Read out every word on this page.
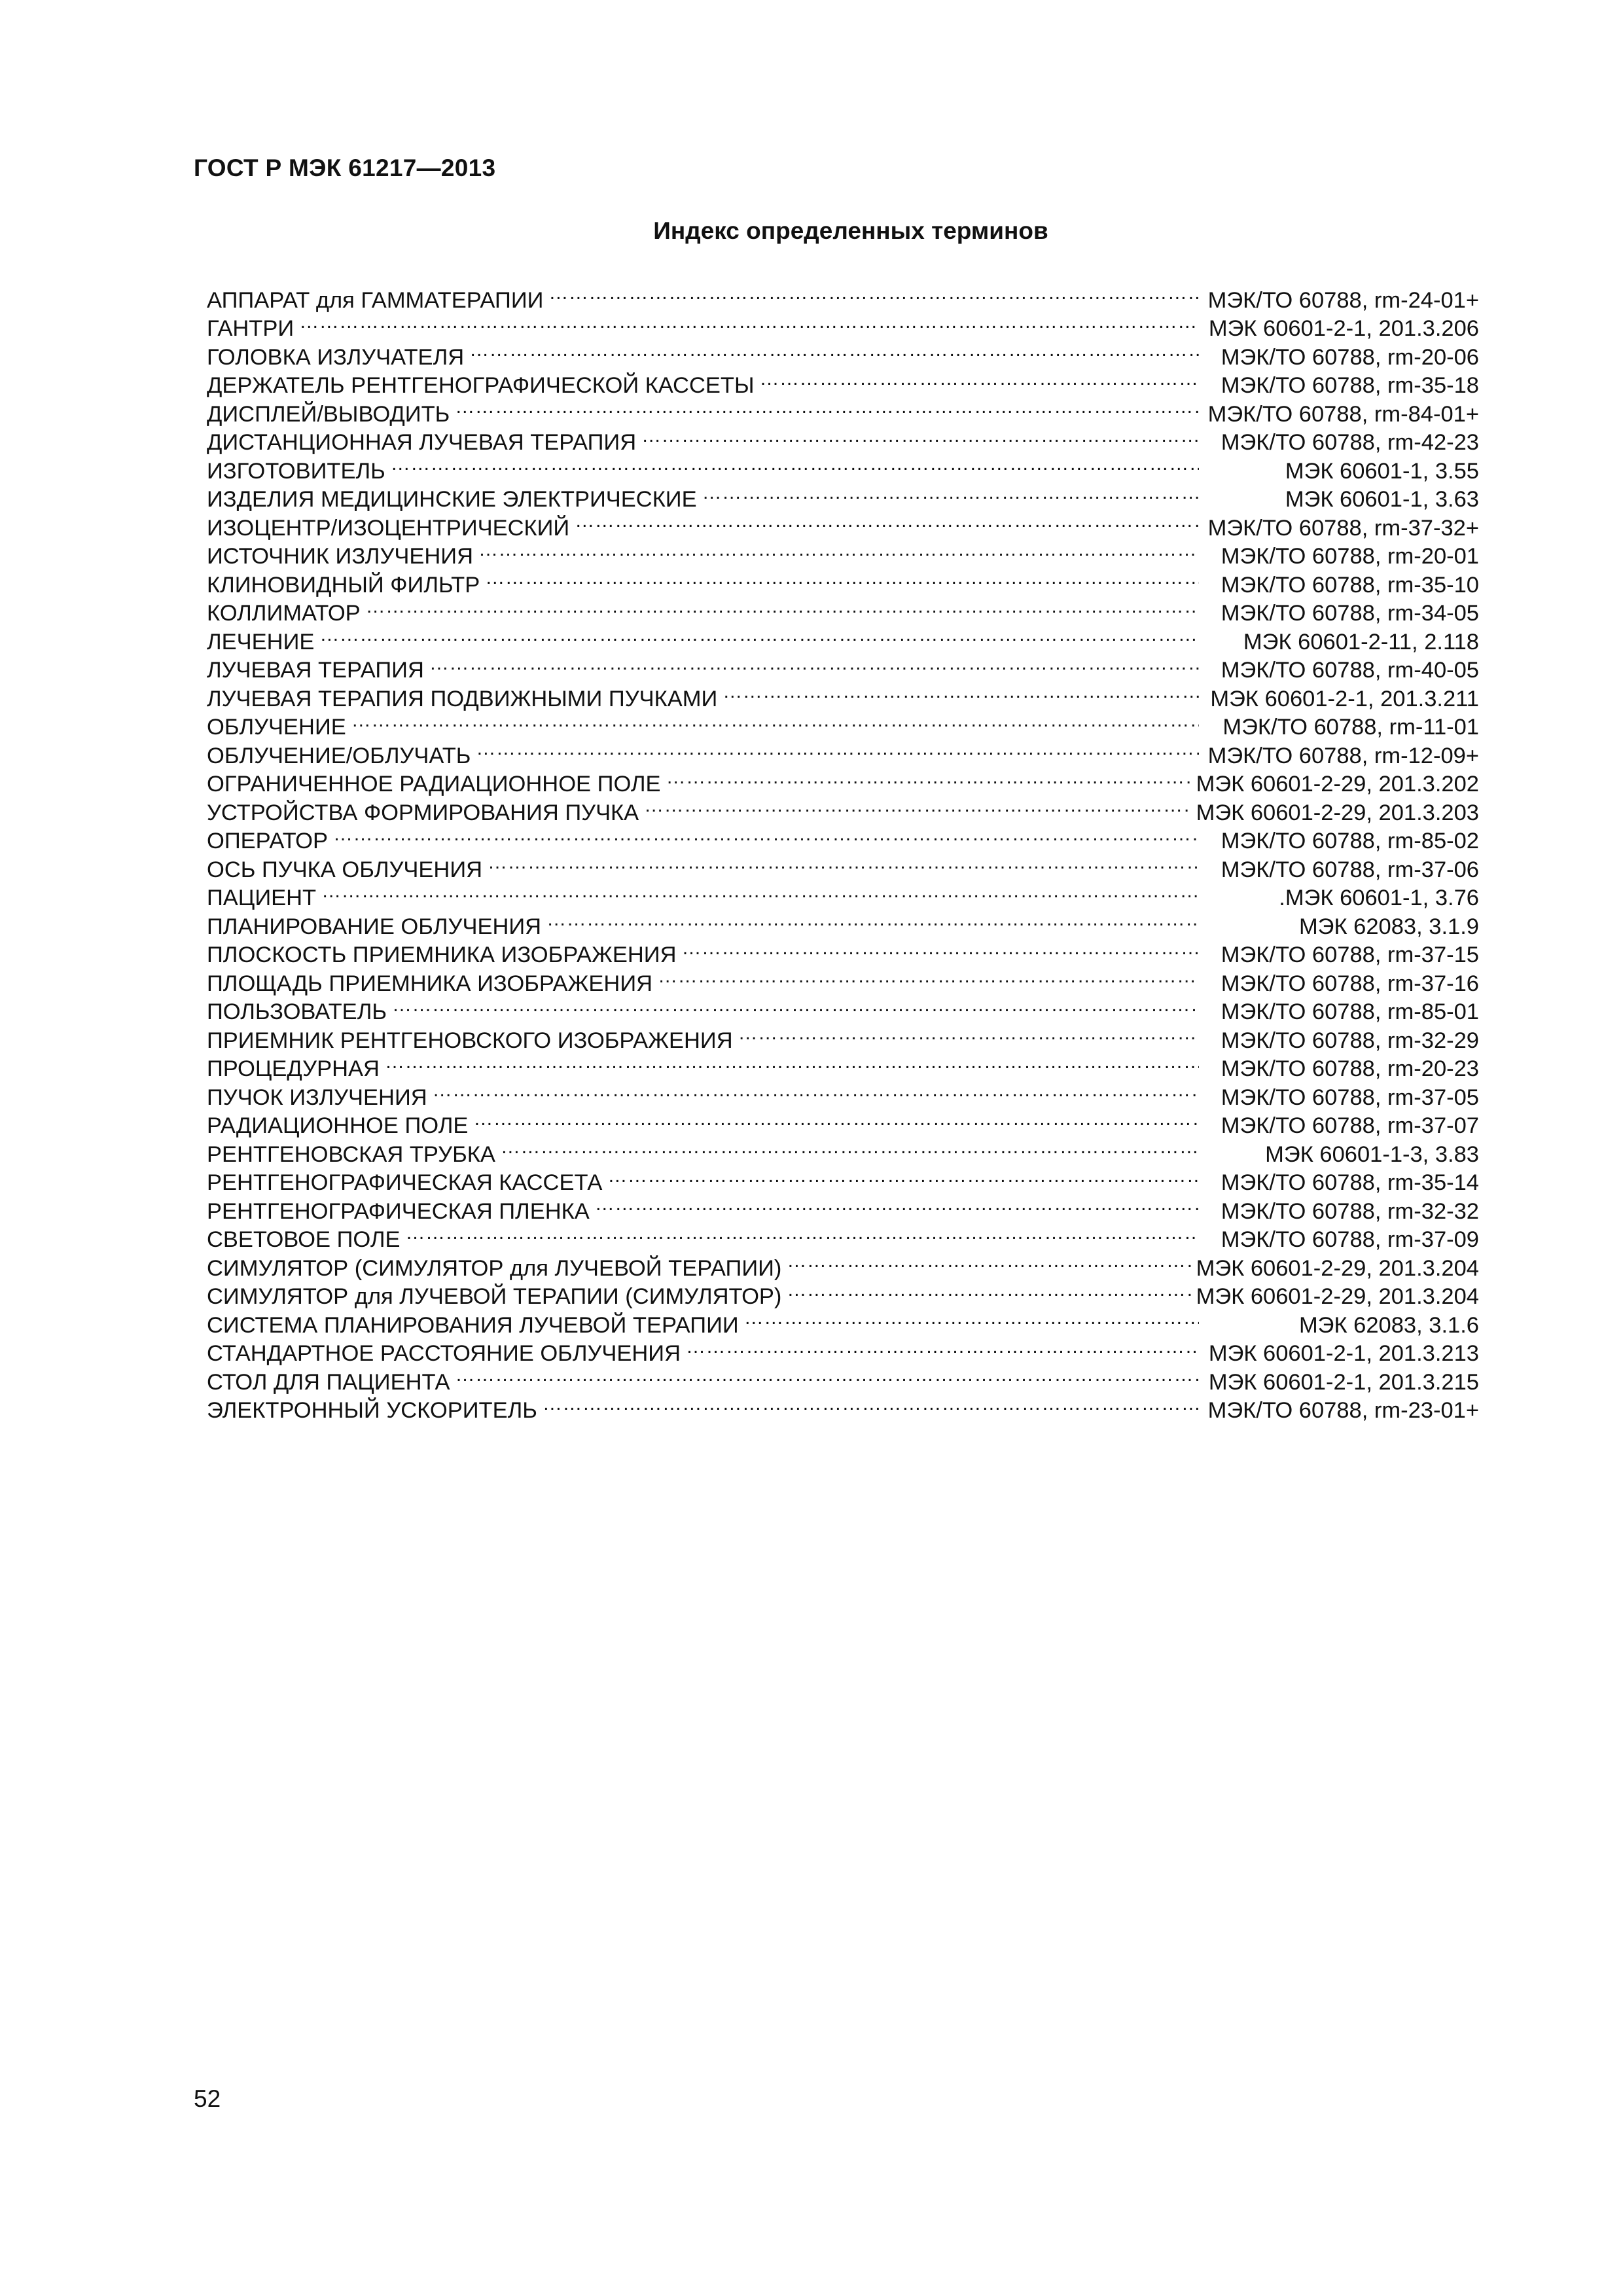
ГОСТ Р МЭК 61217—2013
Индекс определенных терминов
АППАРАТ для ГАММАТЕРАПИИ …………………………………………………………………………………………………………………………………………………………………………………………………………………………………………………………………………………………………………………	МЭК/ТО 60788, rm-24-01+
ГАНТРИ …………………………………………………………………………………………………………………………………………………………………………………………………………………………………………………………………………………………………………………	МЭК 60601-2-1, 201.3.206
ГОЛОВКА ИЗЛУЧАТЕЛЯ …………………………………………………………………………………………………………………………………………………………………………………………………………………………………………………………………………………………………………………	МЭК/ТО 60788, rm-20-06
ДЕРЖАТЕЛЬ РЕНТГЕНОГРАФИЧЕСКОЙ КАССЕТЫ …………………………………………………………………………………………………………………………………………………………………………………………………………………………………………………………………………………………………………………	МЭК/ТО 60788, rm-35-18
ДИСПЛЕЙ/ВЫВОДИТЬ …………………………………………………………………………………………………………………………………………………………………………………………………………………………………………………………………………………………………………………	МЭК/ТО 60788, rm-84-01+
ДИСТАНЦИОННАЯ ЛУЧЕВАЯ ТЕРАПИЯ …………………………………………………………………………………………………………………………………………………………………………………………………………………………………………………………………………………………………………………	МЭК/ТО 60788, rm-42-23
ИЗГОТОВИТЕЛЬ …………………………………………………………………………………………………………………………………………………………………………………………………………………………………………………………………………………………………………………	МЭК 60601-1, 3.55
ИЗДЕЛИЯ МЕДИЦИНСКИЕ ЭЛЕКТРИЧЕСКИЕ …………………………………………………………………………………………………………………………………………………………………………………………………………………………………………………………………………………………………………………	МЭК 60601-1, 3.63
ИЗОЦЕНТР/ИЗОЦЕНТРИЧЕСКИЙ …………………………………………………………………………………………………………………………………………………………………………………………………………………………………………………………………………………………………………………	МЭК/ТО 60788, rm-37-32+
ИСТОЧНИК ИЗЛУЧЕНИЯ …………………………………………………………………………………………………………………………………………………………………………………………………………………………………………………………………………………………………………………	МЭК/ТО 60788, rm-20-01
КЛИНОВИДНЫЙ ФИЛЬТР …………………………………………………………………………………………………………………………………………………………………………………………………………………………………………………………………………………………………………………	МЭК/ТО 60788, rm-35-10
КОЛЛИМАТОР …………………………………………………………………………………………………………………………………………………………………………………………………………………………………………………………………………………………………………………	МЭК/ТО 60788, rm-34-05
ЛЕЧЕНИЕ …………………………………………………………………………………………………………………………………………………………………………………………………………………………………………………………………………………………………………………	МЭК 60601-2-11, 2.118
ЛУЧЕВАЯ ТЕРАПИЯ …………………………………………………………………………………………………………………………………………………………………………………………………………………………………………………………………………………………………………………	МЭК/ТО 60788, rm-40-05
ЛУЧЕВАЯ ТЕРАПИЯ ПОДВИЖНЫМИ ПУЧКАМИ …………………………………………………………………………………………………………………………………………………………………………………………………………………………………………………………………………………………………………………	МЭК 60601-2-1, 201.3.211
ОБЛУЧЕНИЕ …………………………………………………………………………………………………………………………………………………………………………………………………………………………………………………………………………………………………………………	МЭК/ТО 60788, rm-11-01
ОБЛУЧЕНИЕ/ОБЛУЧАТЬ …………………………………………………………………………………………………………………………………………………………………………………………………………………………………………………………………………………………………………………	МЭК/ТО 60788, rm-12-09+
ОГРАНИЧЕННОЕ РАДИАЦИОННОЕ ПОЛЕ …………………………………………………………………………………………………………………………………………………………………………………………………………………………………………………………………………………………………………………	МЭК 60601-2-29, 201.3.202
УСТРОЙСТВА ФОРМИРОВАНИЯ ПУЧКА …………………………………………………………………………………………………………………………………………………………………………………………………………………………………………………………………………………………………………………	МЭК 60601-2-29, 201.3.203
ОПЕРАТОР …………………………………………………………………………………………………………………………………………………………………………………………………………………………………………………………………………………………………………………	МЭК/ТО 60788, rm-85-02
ОСЬ ПУЧКА ОБЛУЧЕНИЯ …………………………………………………………………………………………………………………………………………………………………………………………………………………………………………………………………………………………………………………	МЭК/ТО 60788, rm-37-06
ПАЦИЕНТ …………………………………………………………………………………………………………………………………………………………………………………………………………………………………………………………………………………………………………………	.МЭК 60601-1, 3.76
ПЛАНИРОВАНИЕ ОБЛУЧЕНИЯ …………………………………………………………………………………………………………………………………………………………………………………………………………………………………………………………………………………………………………………	МЭК 62083, 3.1.9
ПЛОСКОСТЬ ПРИЕМНИКА ИЗОБРАЖЕНИЯ …………………………………………………………………………………………………………………………………………………………………………………………………………………………………………………………………………………………………………………	МЭК/ТО 60788, rm-37-15
ПЛОЩАДЬ ПРИЕМНИКА ИЗОБРАЖЕНИЯ …………………………………………………………………………………………………………………………………………………………………………………………………………………………………………………………………………………………………………………	МЭК/ТО 60788, rm-37-16
ПОЛЬЗОВАТЕЛЬ …………………………………………………………………………………………………………………………………………………………………………………………………………………………………………………………………………………………………………………	МЭК/ТО 60788, rm-85-01
ПРИЕМНИК РЕНТГЕНОВСКОГО ИЗОБРАЖЕНИЯ …………………………………………………………………………………………………………………………………………………………………………………………………………………………………………………………………………………………………………………	МЭК/ТО 60788, rm-32-29
ПРОЦЕДУРНАЯ …………………………………………………………………………………………………………………………………………………………………………………………………………………………………………………………………………………………………………………	МЭК/ТО 60788, rm-20-23
ПУЧОК ИЗЛУЧЕНИЯ …………………………………………………………………………………………………………………………………………………………………………………………………………………………………………………………………………………………………………………	МЭК/ТО 60788, rm-37-05
РАДИАЦИОННОЕ ПОЛЕ …………………………………………………………………………………………………………………………………………………………………………………………………………………………………………………………………………………………………………………	МЭК/ТО 60788, rm-37-07
РЕНТГЕНОВСКАЯ ТРУБКА …………………………………………………………………………………………………………………………………………………………………………………………………………………………………………………………………………………………………………………	МЭК 60601-1-3, 3.83
РЕНТГЕНОГРАФИЧЕСКАЯ КАССЕТА …………………………………………………………………………………………………………………………………………………………………………………………………………………………………………………………………………………………………………………	МЭК/ТО 60788, rm-35-14
РЕНТГЕНОГРАФИЧЕСКАЯ ПЛЕНКА …………………………………………………………………………………………………………………………………………………………………………………………………………………………………………………………………………………………………………………	МЭК/ТО 60788, rm-32-32
СВЕТОВОЕ ПОЛЕ …………………………………………………………………………………………………………………………………………………………………………………………………………………………………………………………………………………………………………………	МЭК/ТО 60788, rm-37-09
СИМУЛЯТОР (СИМУЛЯТОР для ЛУЧЕВОЙ ТЕРАПИИ) …………………………………………………………………………………………………………………………………………………………………………………………………………………………………………………………………………………………………………………	МЭК 60601-2-29, 201.3.204
СИМУЛЯТОР для ЛУЧЕВОЙ ТЕРАПИИ (СИМУЛЯТОР) …………………………………………………………………………………………………………………………………………………………………………………………………………………………………………………………………………………………………………………	МЭК 60601-2-29, 201.3.204
СИСТЕМА ПЛАНИРОВАНИЯ ЛУЧЕВОЙ ТЕРАПИИ …………………………………………………………………………………………………………………………………………………………………………………………………………………………………………………………………………………………………………………	МЭК 62083, 3.1.6
СТАНДАРТНОЕ РАССТОЯНИЕ ОБЛУЧЕНИЯ …………………………………………………………………………………………………………………………………………………………………………………………………………………………………………………………………………………………………………………	МЭК 60601-2-1, 201.3.213
СТОЛ ДЛЯ ПАЦИЕНТА …………………………………………………………………………………………………………………………………………………………………………………………………………………………………………………………………………………………………………………	МЭК 60601-2-1, 201.3.215
ЭЛЕКТРОННЫЙ УСКОРИТЕЛЬ …………………………………………………………………………………………………………………………………………………………………………………………………………………………………………………………………………………………………………………	МЭК/ТО 60788, rm-23-01+
52
